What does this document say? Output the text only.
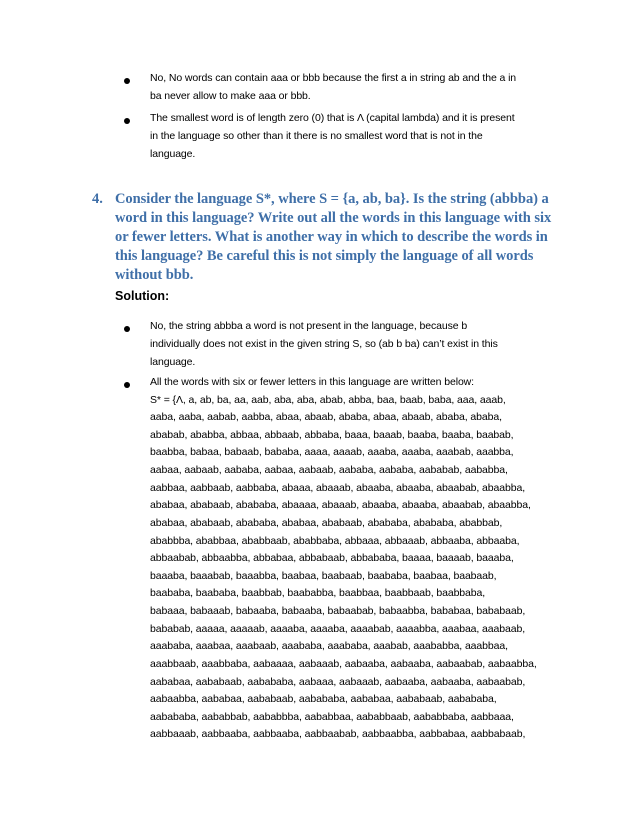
No, No words can contain aaa or bbb because the first a in string ab and the a in
ba never allow to make aaa or bbb.
The smallest word is of length zero (0) that is Λ (capital lambda) and it is present
in the language so other than it there is no smallest word that is not in the
language.
4. Consider the language S*, where S = {a, ab, ba}. Is the string (abbba) a
word in this language? Write out all the words in this language with six
or fewer letters. What is another way in which to describe the words in
this language? Be careful this is not simply the language of all words
without bbb.
Solution:
No, the string abbba a word is not present in the language, because b
individually does not exist in the given string S, so (ab b ba) can’t exist in this
language.
All the words with six or fewer letters in this language are written below:
S* = {Λ, a, ab, ba, aa, aab, aba, aba, abab, abba, baa, baab, baba, aaa, aaab,
aaba, aaba, aabab, aabba, abaa, abaab, ababa, abaa, abaab, ababa, ababa,
ababab, ababba, abbaa, abbaab, abbaba, baaa, baaab, baaba, baaba, baabab,
baabba, babaa, babaab, bababa, aaaa, aaaab, aaaba, aaaba, aaabab, aaabba,
aabaa, aabaab, aababa, aabaa, aabaab, aababa, aababa, aababab, aababba,
aabbaa, aabbaab, aabbaba, abaaa, abaaab, abaaba, abaaba, abaabab, abaabba,
ababaa, ababaab, abababa, abaaaa, abaaab, abaaba, abaaba, abaabab, abaabba,
ababaa, ababaab, abababa, ababaa, ababaab, abababa, abababa, ababbab,
ababbba, ababbaa, ababbaab, ababbaba, abbaaa, abbaaab, abbaaba, abbaaba,
abbaabab, abbaabba, abbabaa, abbabaab, abbababa, baaaa, baaaab, baaaba,
baaaba, baaabab, baaabba, baabaa, baabaab, baababa, baabaa, baabaab,
baababa, baababa, baabbab, baababba, baabbaa, baabbaab, baabbaba,
babaaa, babaaab, babaaba, babaaba, babaabab, babaabba, bababaa, bababaab,
bababab, aaaaa, aaaaab, aaaaba, aaaaba, aaaabab, aaaabba, aaabaa, aaabaab,
aaababa, aaabaa, aaabaab, aaababa, aaababa, aaabab, aaababba, aaabbaa,
aaabbaab, aaabbaba, aabaaaa, aabaaab, aabaaba, aabaaba, aabaabab, aabaabba,
aababaa, aababaab, aabababa, aabaaa, aabaaab, aabaaba, aabaaba, aabaabab,
aabaabba, aababaa, aababaab, aabababa, aababaa, aababaab, aabababa,
aabababa, aababbab, aababbba, aababbaa, aababbaab, aababbaba, aabbaaa,
aabbaaab, aabbaaba, aabbaaba, aabbaabab, aabbaabba, aabbabaa, aabbabaab,
